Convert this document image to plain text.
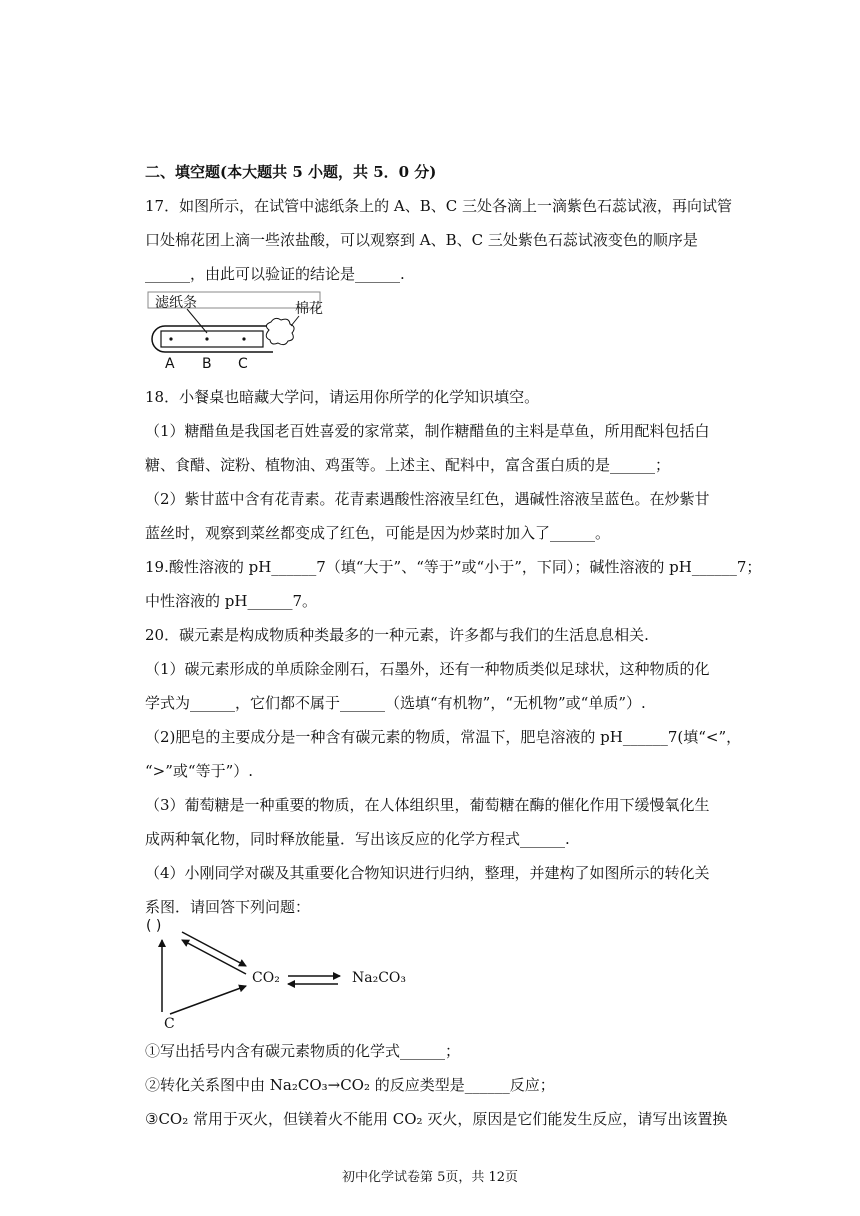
二、填空题(本大题共 5 小题，共 5．0 分)
17．如图所示，在试管中滤纸条上的 A、B、C 三处各滴上一滴紫色石蕊试液，再向试管
口处棉花团上滴一些浓盐酸，可以观察到 A、B、C 三处紫色石蕊试液变色的顺序是
______，由此可以验证的结论是______.
滤纸条	棉花
A B C
18．小餐桌也暗藏大学问，请运用你所学的化学知识填空。
（1）糖醋鱼是我国老百姓喜爱的家常菜，制作糖醋鱼的主料是草鱼，所用配料包括白
糖、食醋、淀粉、植物油、鸡蛋等。上述主、配料中，富含蛋白质的是______；
（2）紫甘蓝中含有花青素。花青素遇酸性溶液呈红色，遇碱性溶液呈蓝色。在炒紫甘
蓝丝时，观察到菜丝都变成了红色，可能是因为炒菜时加入了______。
19.酸性溶液的 pH______7（填“大于”、“等于”或“小于”，下同）；碱性溶液的 pH______7；
中性溶液的 pH______7。
20．碳元素是构成物质种类最多的一种元素，许多都与我们的生活息息相关.
（1）碳元素形成的单质除金刚石，石墨外，还有一种物质类似足球状，这种物质的化
学式为______，它们都不属于______（选填“有机物”，“无机物”或“单质”）.
（2)肥皂的主要成分是一种含有碳元素的物质，常温下，肥皂溶液的 pH______7(填“<”，
“>”或“等于”）.
（3）葡萄糖是一种重要的物质，在人体组织里，葡萄糖在酶的催化作用下缓慢氧化生
成两种氧化物，同时释放能量．写出该反应的化学方程式______.
（4）小刚同学对碳及其重要化合物知识进行归纳，整理，并建构了如图所示的转化关
系图．请回答下列问题：
( )
CO₂	Na₂CO₃
C
①写出括号内含有碳元素物质的化学式______；
②转化关系图中由 Na₂CO₃→CO₂ 的反应类型是______反应；
③CO₂ 常用于灭火，但镁着火不能用 CO₂ 灭火，原因是它们能发生反应，请写出该置换
初中化学试卷第 5页，共 12页
